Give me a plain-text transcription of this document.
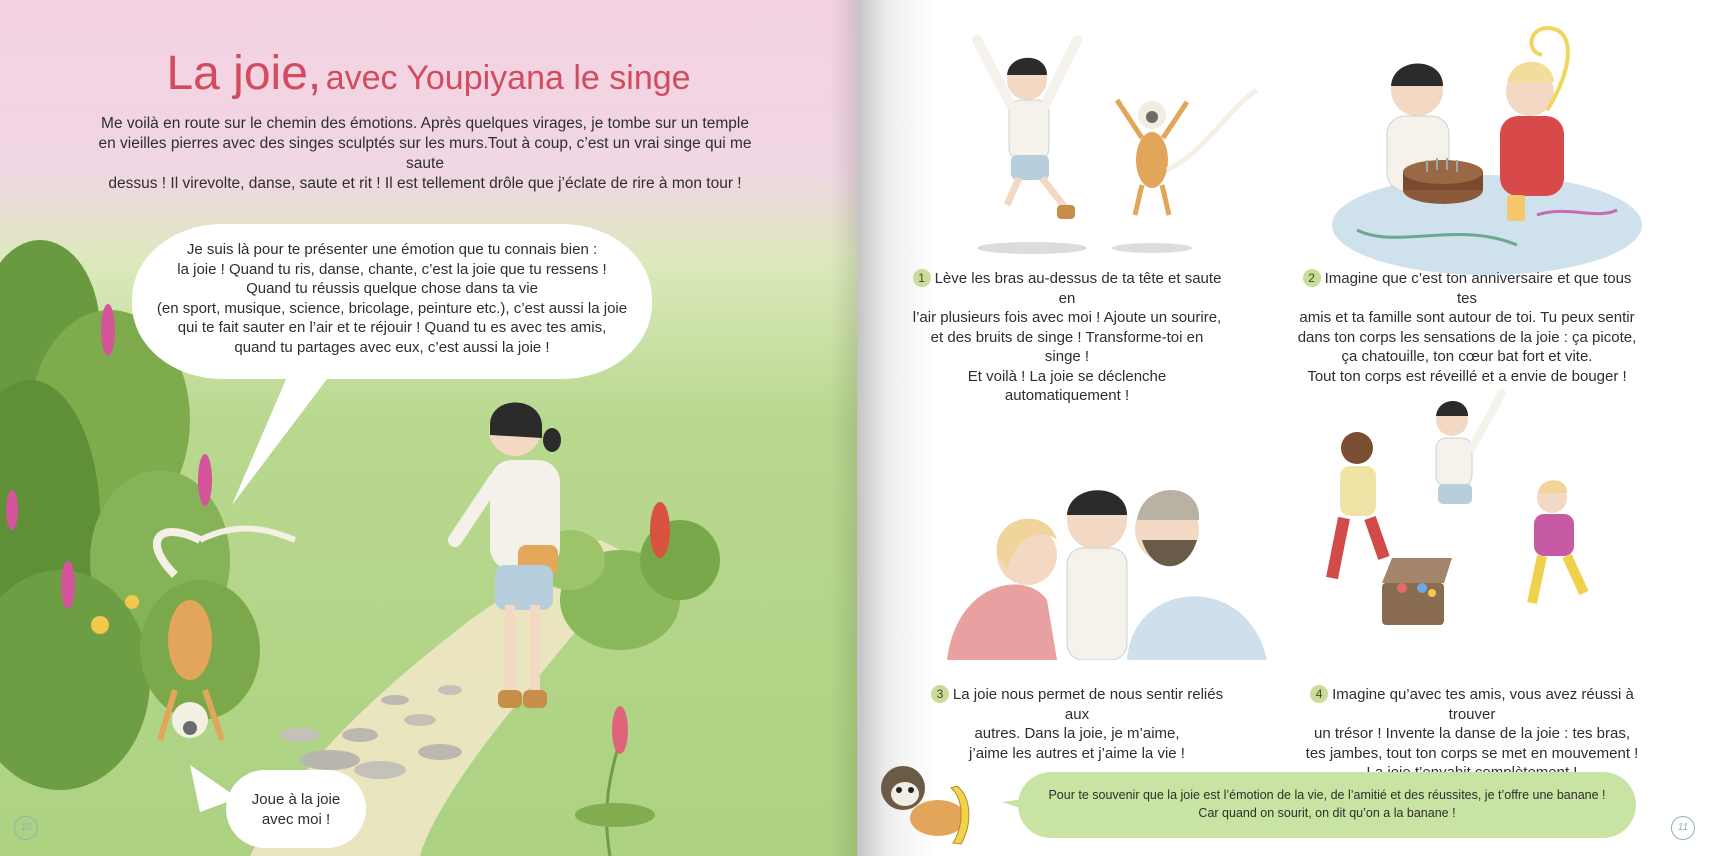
La joie, avec Youpiyana le singe
Me voilà en route sur le chemin des émotions. Après quelques virages, je tombe sur un temple
en vieilles pierres avec des singes sculptés sur les murs.Tout à coup, c’est un vrai singe qui me saute
dessus ! Il virevolte, danse, saute et rit ! Il est tellement drôle que j’éclate de rire à mon tour !
Je suis là pour te présenter une émotion que tu connais bien :
la joie ! Quand tu ris, danse, chante, c’est la joie que tu ressens !
Quand tu réussis quelque chose dans ta vie
(en sport, musique, science, bricolage, peinture etc.), c’est aussi la joie
qui te fait sauter en l’air et te réjouir ! Quand tu es avec tes amis,
quand tu partages avec eux, c’est aussi la joie !
Joue à la joie
avec moi !
10
1 Lève les bras au-dessus de ta tête et saute en
l’air plusieurs fois avec moi ! Ajoute un sourire,
et des bruits de singe ! Transforme-toi en singe !
Et voilà ! La joie se déclenche automatiquement !
2 Imagine que c’est ton anniversaire et que tous tes
amis et ta famille sont autour de toi. Tu peux sentir
dans ton corps les sensations de la joie : ça picote,
ça chatouille, ton cœur bat fort et vite.
Tout ton corps est réveillé et a envie de bouger !
3 La joie nous permet de nous sentir reliés aux
autres. Dans la joie, je m’aime,
j’aime les autres et j’aime la vie !
4 Imagine qu’avec tes amis, vous avez réussi à trouver
un trésor ! Invente la danse de la joie : tes bras,
tes jambes, tout ton corps se met en mouvement !
11
Pour te souvenir que la joie est l’émotion de la vie, de l’amitié et des réussites, je t’offre une banane !
Car quand on sourit, on dit qu’on a la banane !
